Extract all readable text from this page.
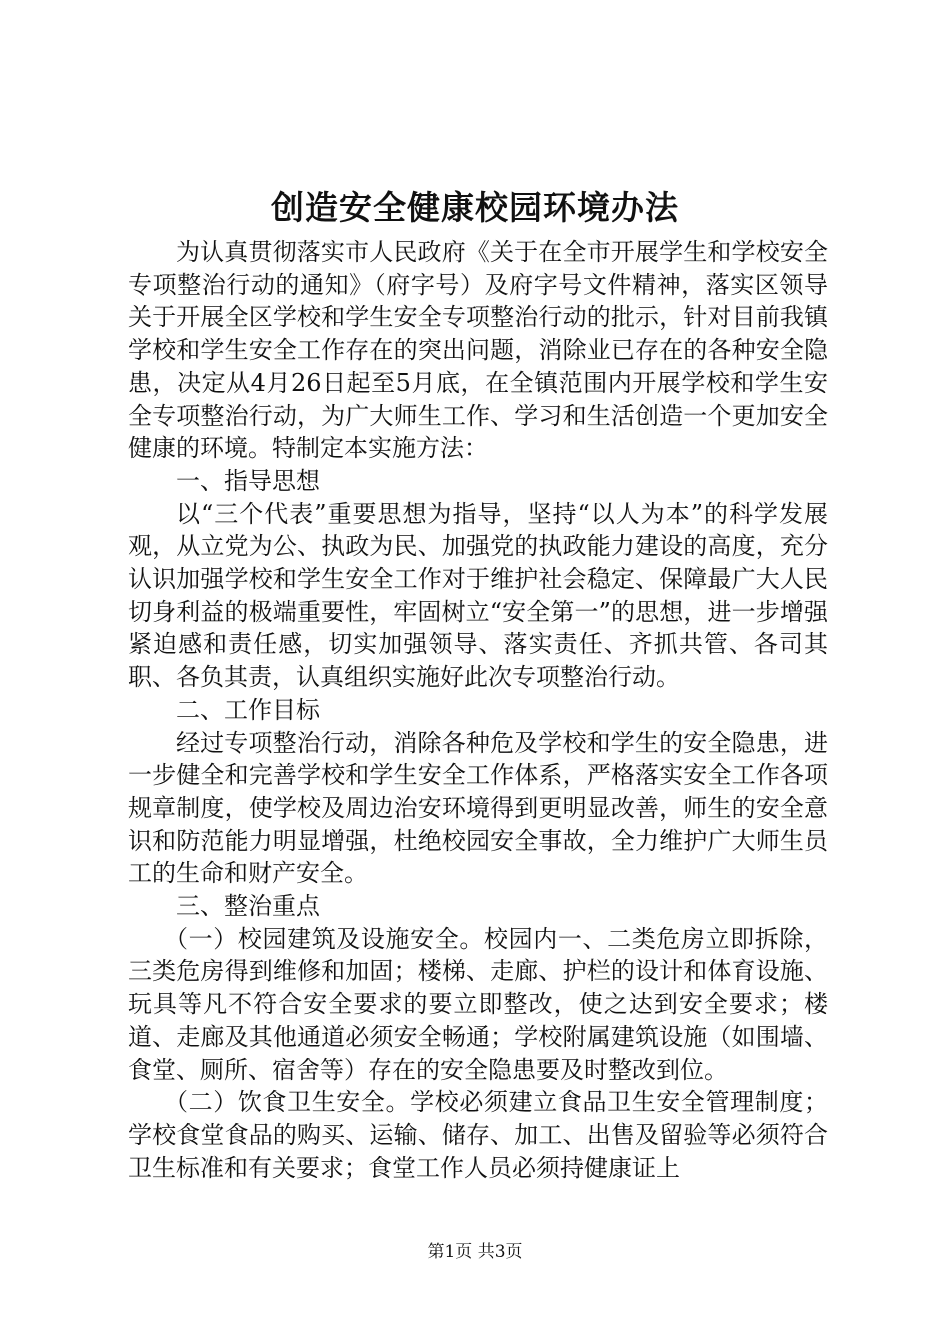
创造安全健康校园环境办法

为认真贯彻落实市人民政府《关于在全市开展学生和学校安全专项整治行动的通知》（府字号）及府字号文件精神，落实区领导关于开展全区学校和学生安全专项整治行动的批示，针对目前我镇学校和学生安全工作存在的突出问题，消除业已存在的各种安全隐患，决定从4月26日起至5月底，在全镇范围内开展学校和学生安全专项整治行动，为广大师生工作、学习和生活创造一个更加安全健康的环境。特制定本实施方法：

一、指导思想

以“三个代表”重要思想为指导，坚持“以人为本”的科学发展观，从立党为公、执政为民、加强党的执政能力建设的高度，充分认识加强学校和学生安全工作对于维护社会稳定、保障最广大人民切身利益的极端重要性，牢固树立“安全第一”的思想，进一步增强紧迫感和责任感，切实加强领导、落实责任、齐抓共管、各司其职、各负其责，认真组织实施好此次专项整治行动。

二、工作目标

经过专项整治行动，消除各种危及学校和学生的安全隐患，进一步健全和完善学校和学生安全工作体系，严格落实安全工作各项规章制度，使学校及周边治安环境得到更明显改善，师生的安全意识和防范能力明显增强，杜绝校园安全事故，全力维护广大师生员工的生命和财产安全。

三、整治重点

（一）校园建筑及设施安全。校园内一、二类危房立即拆除，三类危房得到维修和加固；楼梯、走廊、护栏的设计和体育设施、玩具等凡不符合安全要求的要立即整改，使之达到安全要求；楼道、走廊及其他通道必须安全畅通；学校附属建筑设施（如围墙、食堂、厕所、宿舍等）存在的安全隐患要及时整改到位。

（二）饮食卫生安全。学校必须建立食品卫生安全管理制度；学校食堂食品的购买、运输、储存、加工、出售及留验等必须符合卫生标准和有关要求；食堂工作人员必须持健康证上

第1页 共3页
